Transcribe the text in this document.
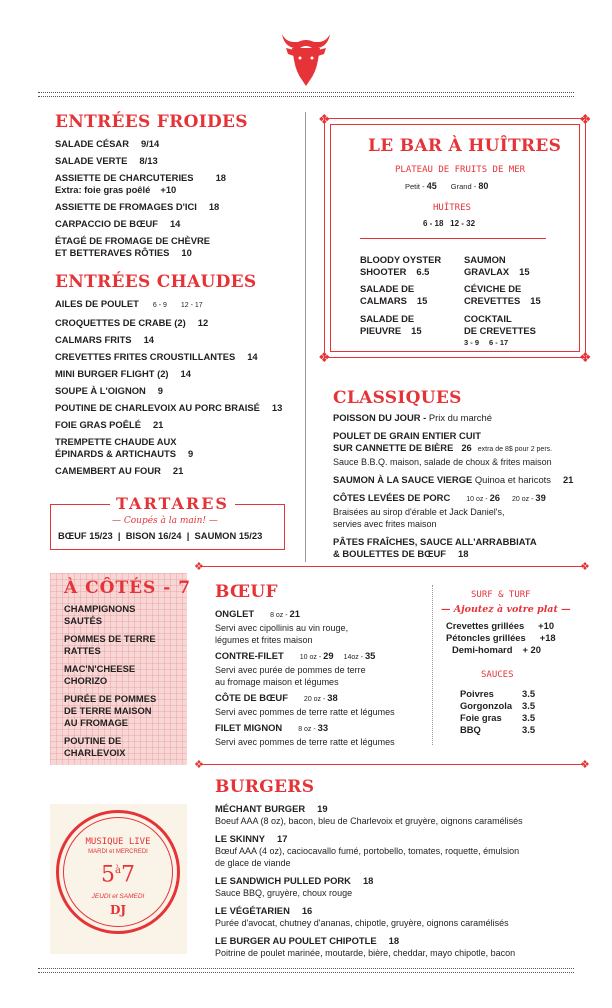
ENTRÉES FROIDES
SALADE CÉSAR 9/14
SALADE VERTE 8/13
ASSIETTE DE CHARCUTERIES 18
Extra: foie gras poêlé +10
ASSIETTE DE FROMAGES D'ICI 18
CARPACCIO DE BŒUF 14
ÉTAGÉ DE FROMAGE DE CHÈVRE
ET BETTERAVES RÔTIES 10
ENTRÉES CHAUDES
AILES DE POULET 6 - 9 12 - 17
CROQUETTES DE CRABE (2) 12
CALMARS FRITS 14
CREVETTES FRITES CROUSTILLANTES 14
MINI BURGER FLIGHT (2) 14
SOUPE À L'OIGNON 9
POUTINE DE CHARLEVOIX AU PORC BRAISÉ 13
FOIE GRAS POÊLÉ 21
TREMPETTE CHAUDE AUX
ÉPINARDS & ARTICHAUTS 9
CAMEMBERT AU FOUR 21
TARTARES
— Coupés à la main! —
BŒUF 15/23  |  BISON 16/24  |  SAUMON 15/23
❖	❖
❖	❖
LE BAR À HUÎTRES
PLATEAU DE FRUITS DE MER
Petit - 45 Grand - 80
HUÎTRES
6 - 18 12 - 32
BLOODY OYSTER
SHOOTER 6.5
SAUMON
GRAVLAX 15
SALADE DE
CALMARS 15
CÉVICHE DE
CREVETTES 15
SALADE DE
PIEUVRE 15
COCKTAIL
DE CREVETTES
3 - 9 6 - 17
CLASSIQUES
POISSON DU JOUR - Prix du marché
POULET DE GRAIN ENTIER CUIT
SUR CANNETTE DE BIÈRE 26 extra de 8$ pour 2 pers.
Sauce B.B.Q. maison, salade de choux & frites maison
SAUMON À LA SAUCE VIERGE Quinoa et haricots 21
CÔTES LEVÉES DE PORC 10 oz - 26 20 oz - 39
Braisées au sirop d'érable et Jack Daniel's,
servies avec frites maison
PÂTES FRAÎCHES, SAUCE ALL'ARRABBIATA
& BOULETTES DE BŒUF 18
❖	❖
À CÔTÉS - 7
CHAMPIGNONS
SAUTÉS
POMMES DE TERRE
RATTES
MAC'N'CHEESE
CHORIZO
PURÉE DE POMMES
DE TERRE MAISON
AU FROMAGE
POUTINE DE
CHARLEVOIX
BŒUF
ONGLET 8 oz - 21
Servi avec cipollinis au vin rouge,
légumes et frites maison
CONTRE-FILET 10 oz - 29 14oz - 35
Servi avec purée de pommes de terre
au fromage maison et légumes
CÔTE DE BŒUF 20 oz - 38
Servi avec pommes de terre ratte et légumes
FILET MIGNON 8 oz - 33
Servi avec pommes de terre ratte et légumes
SURF & TURF
— Ajoutez à votre plat —
Crevettes grillées +10
Pétoncles grillées +18
Demi-homard + 20
SAUCES
Poivres	3.5
Gorgonzola	3.5
Foie gras	3.5
BBQ	3.5
❖	❖
BURGERS
MÉCHANT BURGER 19
Boeuf AAA (8 oz), bacon, bleu de Charlevoix et gruyère, oignons caramélisés
LE SKINNY 17
Bœuf AAA (4 oz), caciocavallo fumé, portobello, tomates, roquette, émulsion
de glace de viande
LE SANDWICH PULLED PORK 18
Sauce BBQ, gruyère, choux rouge
LE VÉGÉTARIEN 16
Purée d'avocat, chutney d'ananas, chipotle, gruyère, oignons caramélisés
LE BURGER AU POULET CHIPOTLE 18
Poitrine de poulet marinée, moutarde, bière, cheddar, mayo chipotle, bacon
MUSIQUE LIVE
MARDI et MERCREDI
$5^à7$
JEUDI et SAMEDI
DJ
